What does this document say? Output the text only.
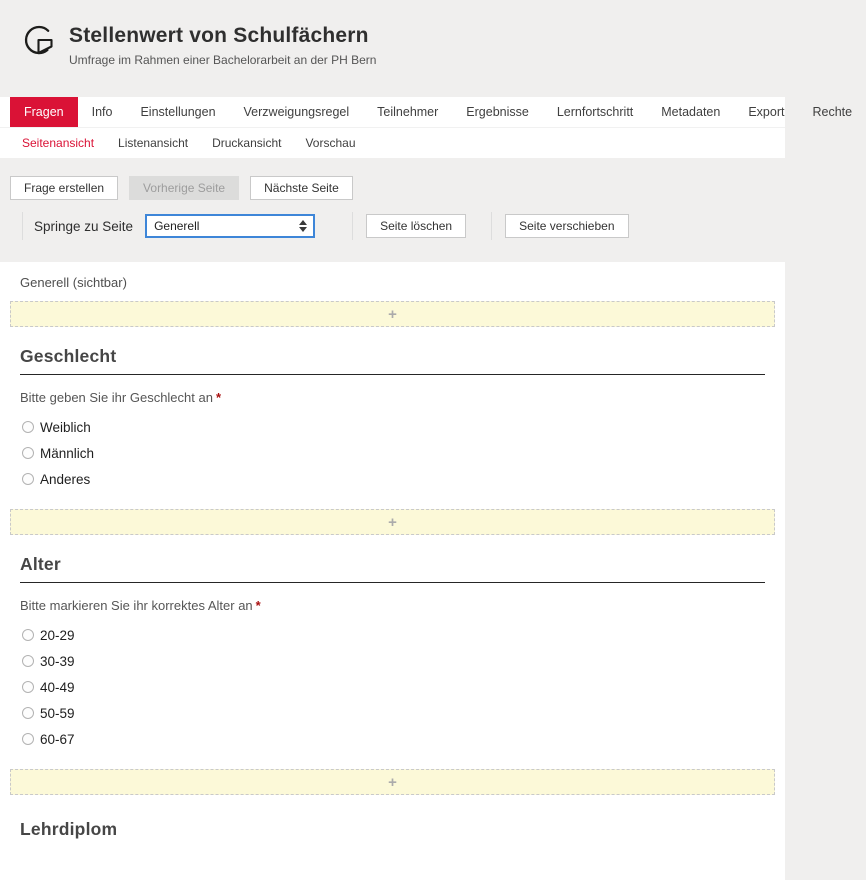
Stellenwert von Schulfächern
Umfrage im Rahmen einer Bachelorarbeit an der PH Bern
Fragen	Info	Einstellungen	Verzweigungsregel	Teilnehmer	Ergebnisse	Lernfortschritt	Metadaten	Export	Rechte
Seitenansicht Listenansicht Druckansicht Vorschau
Frage erstellen	Vorherige Seite	Nächste Seite
Springe zu Seite Generell	Seite löschen	Seite verschieben
Generell (sichtbar)
+
Geschlecht
Bitte geben Sie ihr Geschlecht an *
Weiblich
Männlich
Anderes
+
Alter
Bitte markieren Sie ihr korrektes Alter an *
20-29
30-39
40-49
50-59
60-67
+
Lehrdiplom
